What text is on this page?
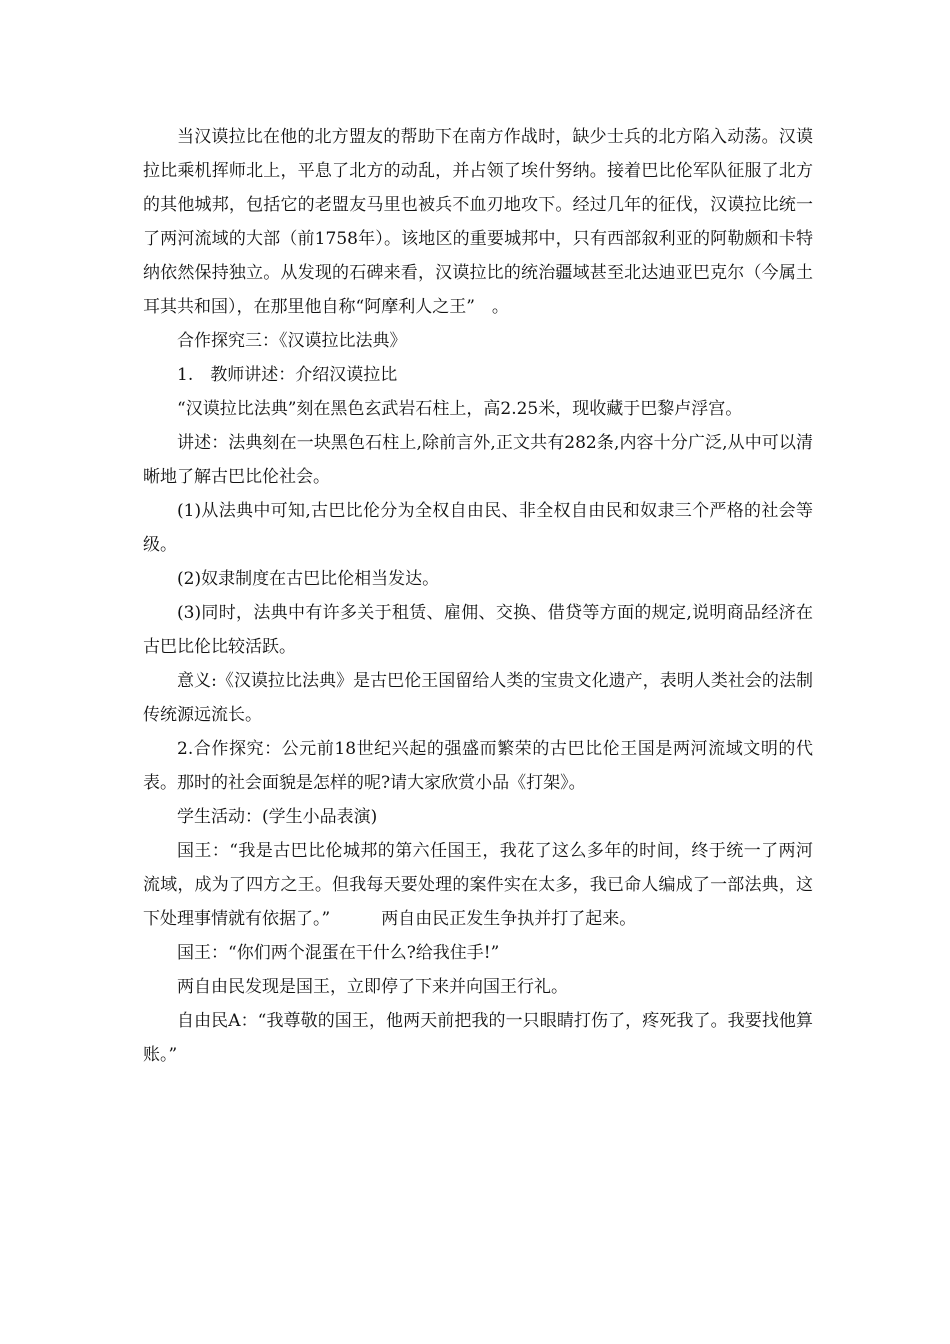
当汉谟拉比在他的北方盟友的帮助下在南方作战时，缺少士兵的北方陷入动荡。汉谟拉比乘机挥师北上，平息了北方的动乱，并占领了埃什努纳。接着巴比伦军队征服了北方的其他城邦，包括它的老盟友马里也被兵不血刃地攻下。经过几年的征伐，汉谟拉比统一了两河流域的大部（前1758年）。该地区的重要城邦中，只有西部叙利亚的阿勒颇和卡特纳依然保持独立。从发现的石碑来看，汉谟拉比的统治疆域甚至北达迪亚巴克尔（今属土耳其共和国），在那里他自称“阿摩利人之王”　。

合作探究三：《汉谟拉比法典》

1.　教师讲述：介绍汉谟拉比

“汉谟拉比法典”刻在黑色玄武岩石柱上，高2.25米，现收藏于巴黎卢浮宫。

讲述：法典刻在一块黑色石柱上,除前言外,正文共有282条,内容十分广泛,从中可以清晰地了解古巴比伦社会。

(1)从法典中可知,古巴比伦分为全权自由民、非全权自由民和奴隶三个严格的社会等级。

(2)奴隶制度在古巴比伦相当发达。

(3)同时，法典中有许多关于租赁、雇佣、交换、借贷等方面的规定,说明商品经济在古巴比伦比较活跃。

意义:《汉谟拉比法典》是古巴伦王国留给人类的宝贵文化遗产，表明人类社会的法制传统源远流长。

2.合作探究：公元前18世纪兴起的强盛而繁荣的古巴比伦王国是两河流域文明的代表。那时的社会面貌是怎样的呢?请大家欣赏小品《打架》。

学生活动：(学生小品表演)

国王：“我是古巴比伦城邦的第六任国王，我花了这么多年的时间，终于统一了两河流域，成为了四方之王。但我每天要处理的案件实在太多，我已命人编成了一部法典，这下处理事情就有依据了。”　　　两自由民正发生争执并打了起来。

国王：“你们两个混蛋在干什么?给我住手!”

两自由民发现是国王，立即停了下来并向国王行礼。

自由民A：“我尊敬的国王，他两天前把我的一只眼睛打伤了，疼死我了。我要找他算账。”
